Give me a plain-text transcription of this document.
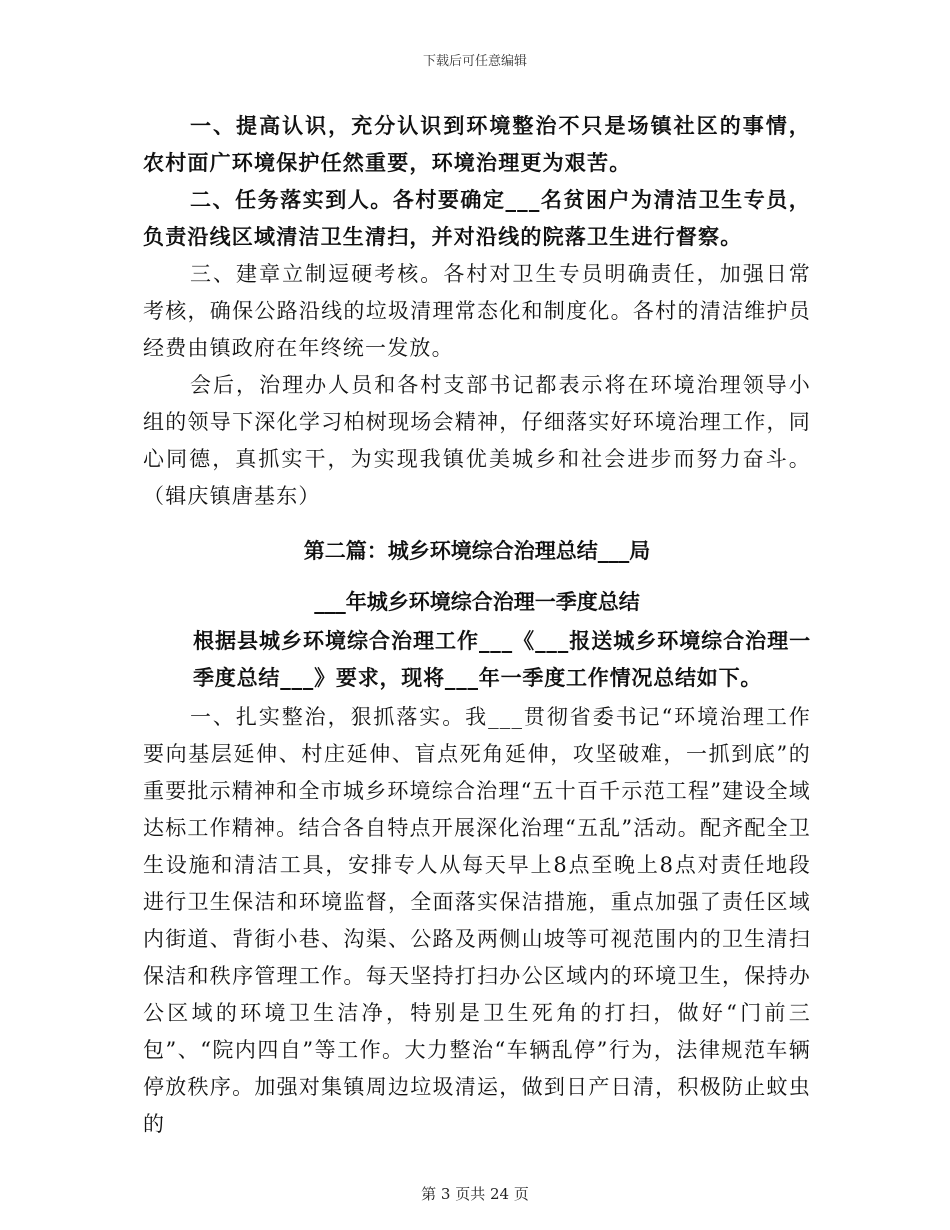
下载后可任意编辑

一、提高认识，充分认识到环境整治不只是场镇社区的事情，农村面广环境保护任然重要，环境治理更为艰苦。

二、任务落实到人。各村要确定___名贫困户为清洁卫生专员，负责沿线区域清洁卫生清扫，并对沿线的院落卫生进行督察。

三、建章立制逗硬考核。各村对卫生专员明确责任，加强日常考核，确保公路沿线的垃圾清理常态化和制度化。各村的清洁维护员经费由镇政府在年终统一发放。

会后，治理办人员和各村支部书记都表示将在环境治理领导小组的领导下深化学习柏树现场会精神，仔细落实好环境治理工作，同心同德，真抓实干，为实现我镇优美城乡和社会进步而努力奋斗。（辑庆镇唐基东）

第二篇：城乡环境综合治理总结___局

___年城乡环境综合治理一季度总结

根据县城乡环境综合治理工作___《___报送城乡环境综合治理一季度总结___》要求，现将___年一季度工作情况总结如下。

一、扎实整治，狠抓落实。我___贯彻省委书记“环境治理工作要向基层延伸、村庄延伸、盲点死角延伸，攻坚破难，一抓到底”的重要批示精神和全市城乡环境综合治理“五十百千示范工程”建设全域达标工作精神。结合各自特点开展深化治理“五乱”活动。配齐配全卫生设施和清洁工具，安排专人从每天早上8点至晚上8点对责任地段进行卫生保洁和环境监督，全面落实保洁措施，重点加强了责任区域内街道、背街小巷、沟渠、公路及两侧山坡等可视范围内的卫生清扫保洁和秩序管理工作。每天坚持打扫办公区域内的环境卫生，保持办公区域的环境卫生洁净，特别是卫生死角的打扫，做好“门前三包”、“院内四自”等工作。大力整治“车辆乱停”行为，法律规范车辆停放秩序。加强对集镇周边垃圾清运，做到日产日清，积极防止蚊虫的

第 3 页共 24 页
